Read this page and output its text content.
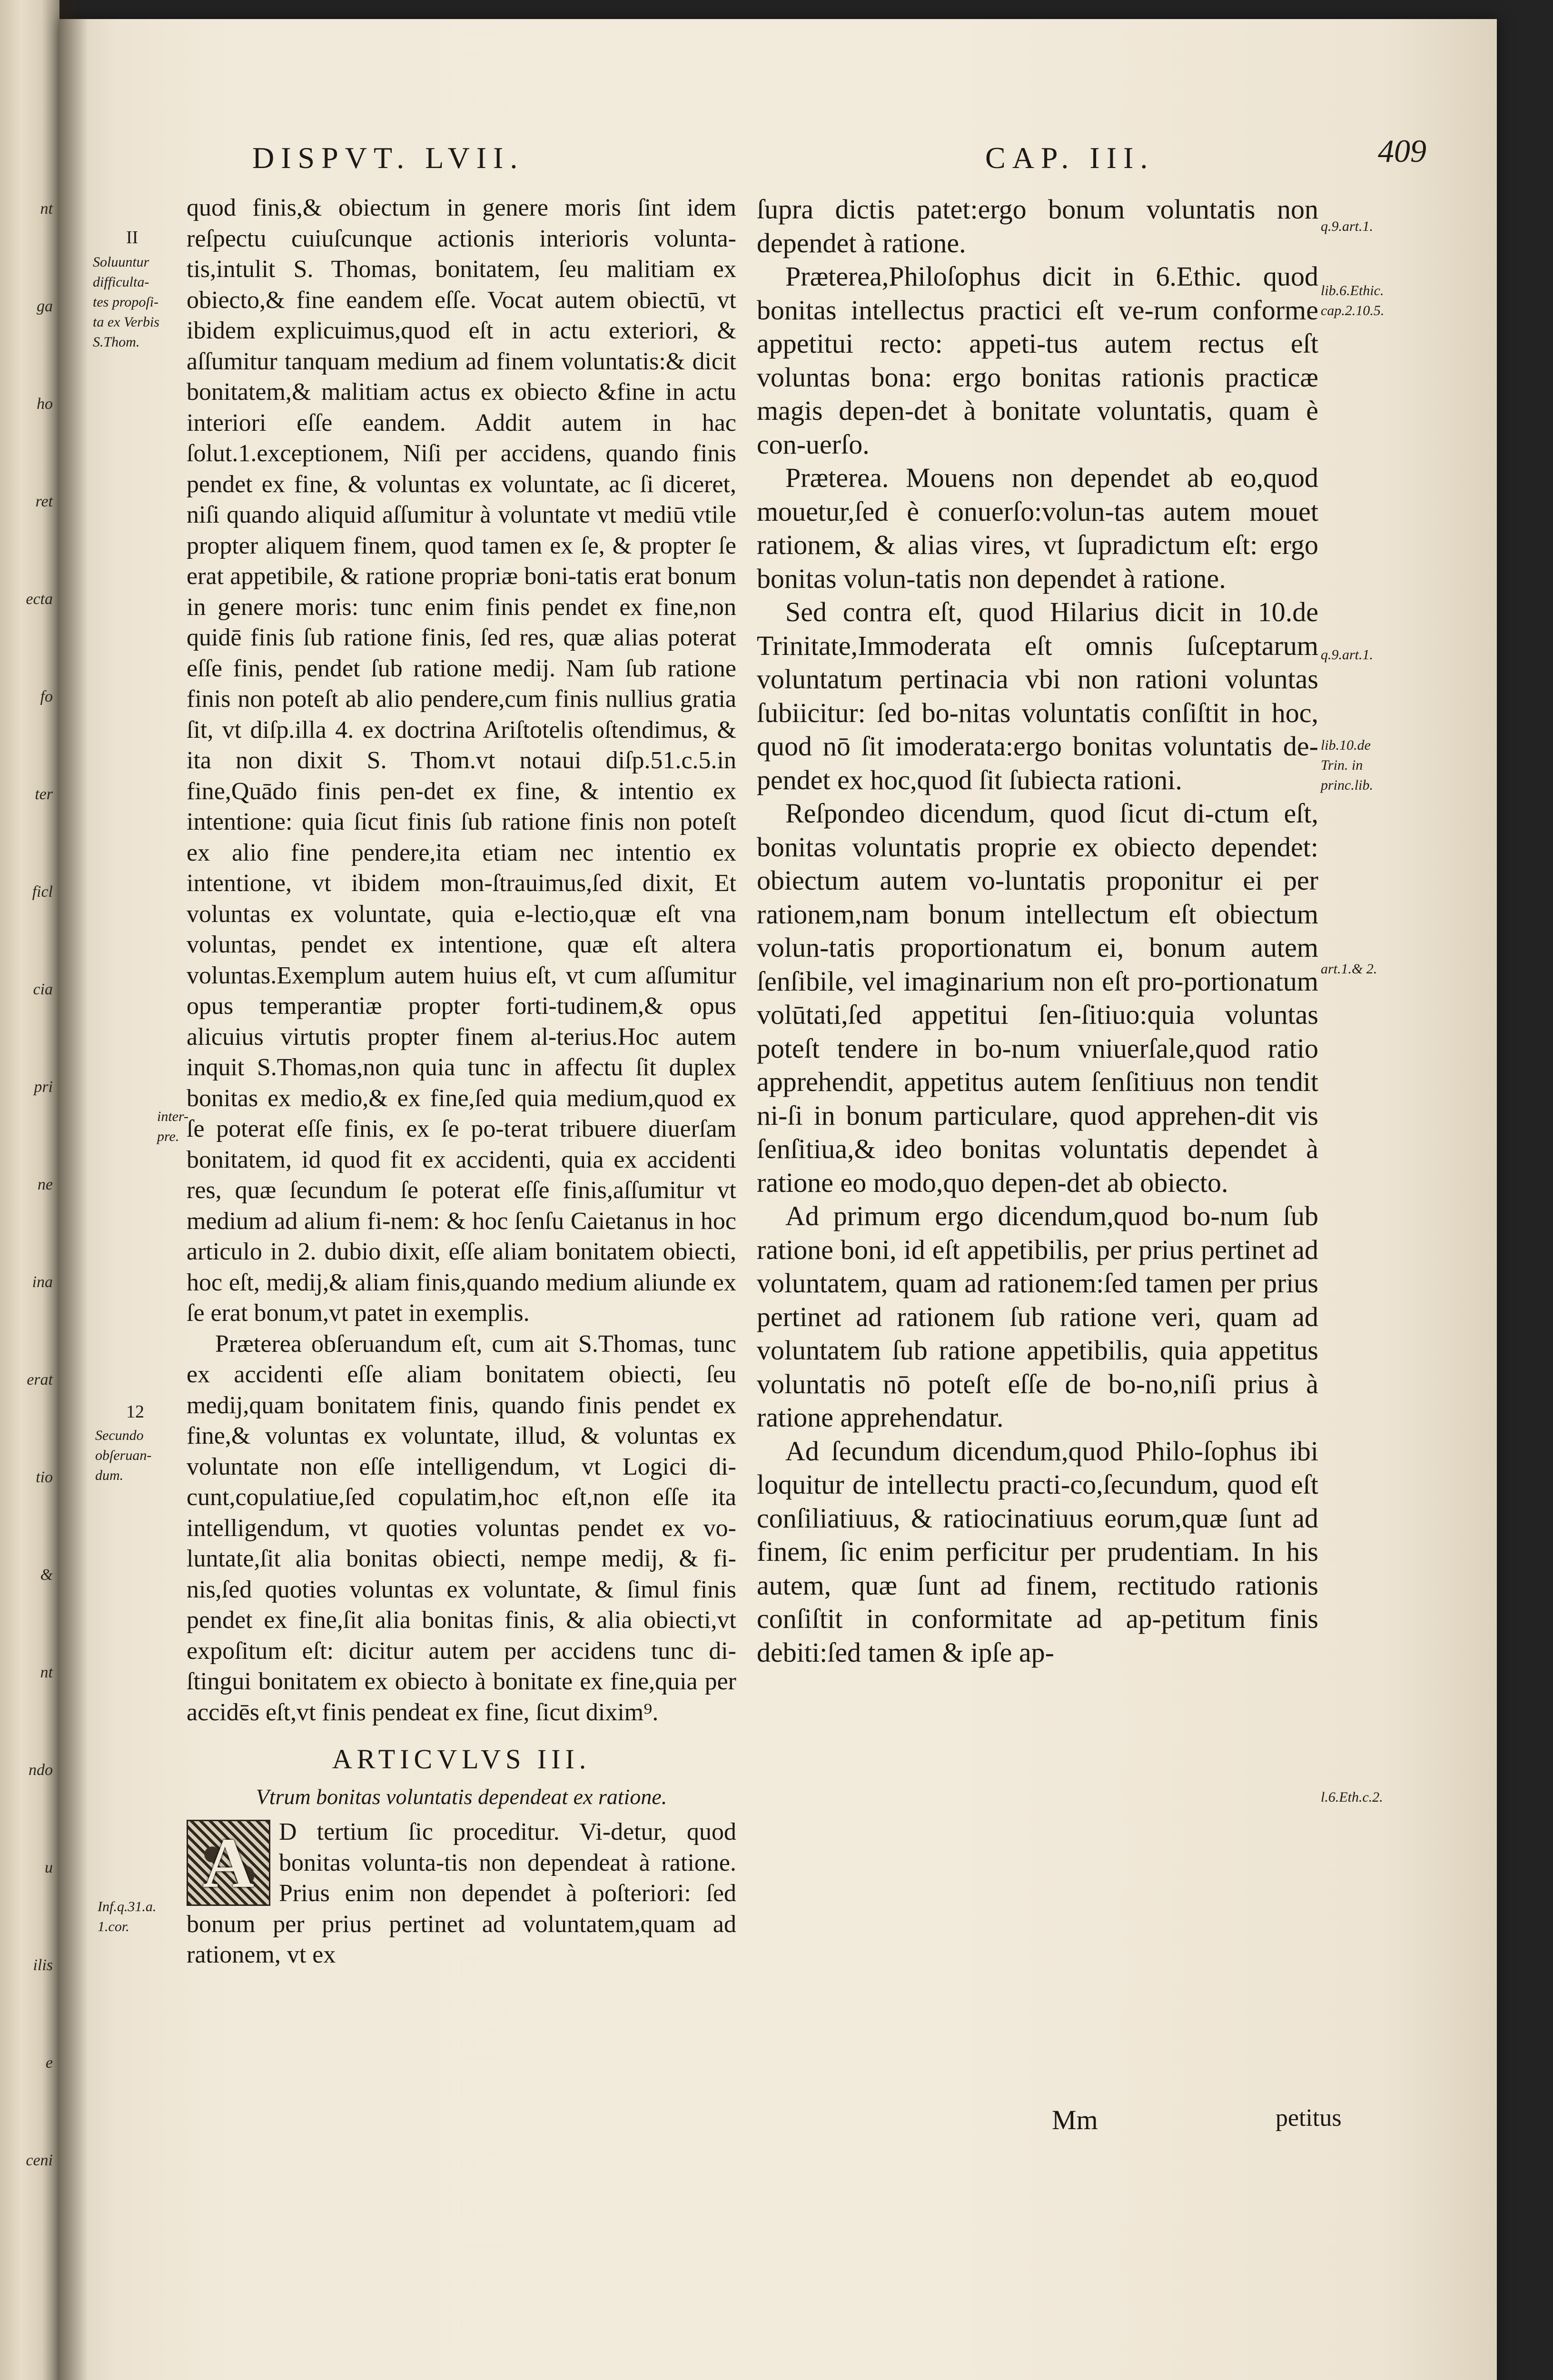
nt
ga
ho
ret
ecta
fo
ter
ficl
cia
pri
ne
ina
erat
tio
&
nt
ndo
u
ilis
e
ceni
DISPVT. LVII.	CAP. III.	409
II
Soluuntur
difficulta-
tes propoſi-
ta ex Verbis
S.Thom.
inter-
pre.
12
Secundo
obſeruan-
dum.
Inf.q.31.a.
1.cor.
q.9.art.1.
lib.6.Ethic.
cap.2.10.5.
q.9.art.1.
lib.10.de
Trin. in
princ.lib.
art.1.& 2.
l.6.Eth.c.2.

quod finis,& obiectum in genere moris ſint idem reſpectu cuiuſcunque actionis interioris volunta-tis,intulit S. Thomas, bonitatem, ſeu malitiam ex obiecto,& fine eandem eſſe. Vocat autem obiectū, vt ibidem explicuimus,quod eſt in actu exteriori, & aſſumitur tanquam medium ad finem voluntatis:& dicit bonitatem,& malitiam actus ex obiecto &fine in actu interiori eſſe eandem. Addit autem in hac ſolut.1.exceptionem, Niſi per accidens, quando finis pendet ex fine, & voluntas ex voluntate, ac ſi diceret, niſi quando aliquid aſſumitur à voluntate vt mediū vtile propter aliquem finem, quod tamen ex ſe, & propter ſe erat appetibile, & ratione propriæ boni-tatis erat bonum in genere moris: tunc enim finis pendet ex fine,non quidē finis ſub ratione finis, ſed res, quæ alias poterat eſſe finis, pendet ſub ratione medij. Nam ſub ratione finis non poteſt ab alio pendere,cum finis nullius gratia ſit, vt diſp.illa 4. ex doctrina Ariſtotelis oſtendimus, & ita non dixit S. Thom.vt notaui diſp.51.c.5.in fine,Quādo finis pen-det ex fine, & intentio ex intentione: quia ſicut finis ſub ratione finis non poteſt ex alio fine pendere,ita etiam nec intentio ex intentione, vt ibidem mon-ſtrauimus,ſed dixit, Et voluntas ex voluntate, quia e-lectio,quæ eſt vna voluntas, pendet ex intentione, quæ eſt altera voluntas.Exemplum autem huius eſt, vt cum aſſumitur opus temperantiæ propter forti-tudinem,& opus alicuius virtutis propter finem al-terius.Hoc autem inquit S.Thomas,non quia tunc in affectu ſit duplex bonitas ex medio,& ex fine,ſed quia medium,quod ex ſe poterat eſſe finis, ex ſe po-terat tribuere diuerſam bonitatem, id quod fit ex accidenti, quia ex accidenti res, quæ ſecundum ſe poterat eſſe finis,aſſumitur vt medium ad alium fi-nem: & hoc ſenſu Caietanus in hoc articulo in 2. dubio dixit, eſſe aliam bonitatem obiecti, hoc eſt, medij,& aliam finis,quando medium aliunde ex ſe erat bonum,vt patet in exemplis.

Præterea obſeruandum eſt, cum ait S.Thomas, tunc ex accidenti eſſe aliam bonitatem obiecti, ſeu medij,quam bonitatem finis, quando finis pendet ex fine,& voluntas ex voluntate, illud, & voluntas ex voluntate non eſſe intelligendum, vt Logici di-cunt,copulatiue,ſed copulatim,hoc eſt,non eſſe ita intelligendum, vt quoties voluntas pendet ex vo-luntate,ſit alia bonitas obiecti, nempe medij, & fi-nis,ſed quoties voluntas ex voluntate, & ſimul finis pendet ex fine,ſit alia bonitas finis, & alia obiecti,vt expoſitum eſt: dicitur autem per accidens tunc di-ſtingui bonitatem ex obiecto à bonitate ex fine,quia per accidēs eſt,vt finis pendeat ex fine, ſicut dixim⁹.

ARTICVLVS III.
Vtrum bonitas voluntatis dependeat ex ratione.
A D tertium ſic proceditur. Vi-detur, quod bonitas volunta-tis non dependeat à ratione. Prius enim non dependet à poſteriori: ſed bonum per prius pertinet ad voluntatem,quam ad rationem, vt ex

ſupra dictis patet:ergo bonum voluntatis non dependet à ratione.

Præterea,Philoſophus dicit in 6.Ethic. quod bonitas intellectus practici eſt ve-rum conforme appetitui recto: appeti-tus autem rectus eſt voluntas bona: ergo bonitas rationis practicæ magis depen-det à bonitate voluntatis, quam è con-uerſo.

Præterea. Mouens non dependet ab eo,quod mouetur,ſed è conuerſo:volun-tas autem mouet rationem, & alias vires, vt ſupradictum eſt: ergo bonitas volun-tatis non dependet à ratione.

Sed contra eſt, quod Hilarius dicit in 10.de Trinitate,Immoderata eſt omnis ſuſceptarum voluntatum pertinacia vbi non rationi voluntas ſubiicitur: ſed bo-nitas voluntatis conſiſtit in hoc, quod nō ſit imoderata:ergo bonitas voluntatis de-pendet ex hoc,quod ſit ſubiecta rationi.

Reſpondeo dicendum, quod ſicut di-ctum eſt, bonitas voluntatis proprie ex obiecto dependet: obiectum autem vo-luntatis proponitur ei per rationem,nam bonum intellectum eſt obiectum volun-tatis proportionatum ei, bonum autem ſenſibile, vel imaginarium non eſt pro-portionatum volūtati,ſed appetitui ſen-ſitiuo:quia voluntas poteſt tendere in bo-num vniuerſale,quod ratio apprehendit, appetitus autem ſenſitiuus non tendit ni-ſi in bonum particulare, quod apprehen-dit vis ſenſitiua,& ideo bonitas voluntatis dependet à ratione eo modo,quo depen-det ab obiecto.

Ad primum ergo dicendum,quod bo-num ſub ratione boni, id eſt appetibilis, per prius pertinet ad voluntatem, quam ad rationem:ſed tamen per prius pertinet ad rationem ſub ratione veri, quam ad voluntatem ſub ratione appetibilis, quia appetitus voluntatis nō poteſt eſſe de bo-no,niſi prius à ratione apprehendatur.

Ad ſecundum dicendum,quod Philo-ſophus ibi loquitur de intellectu practi-co,ſecundum, quod eſt conſiliatiuus, & ratiocinatiuus eorum,quæ ſunt ad finem, ſic enim perficitur per prudentiam. In his autem, quæ ſunt ad finem, rectitudo rationis conſiſtit in conformitate ad ap-petitum finis debiti:ſed tamen & ipſe ap-

Mm	petitus
